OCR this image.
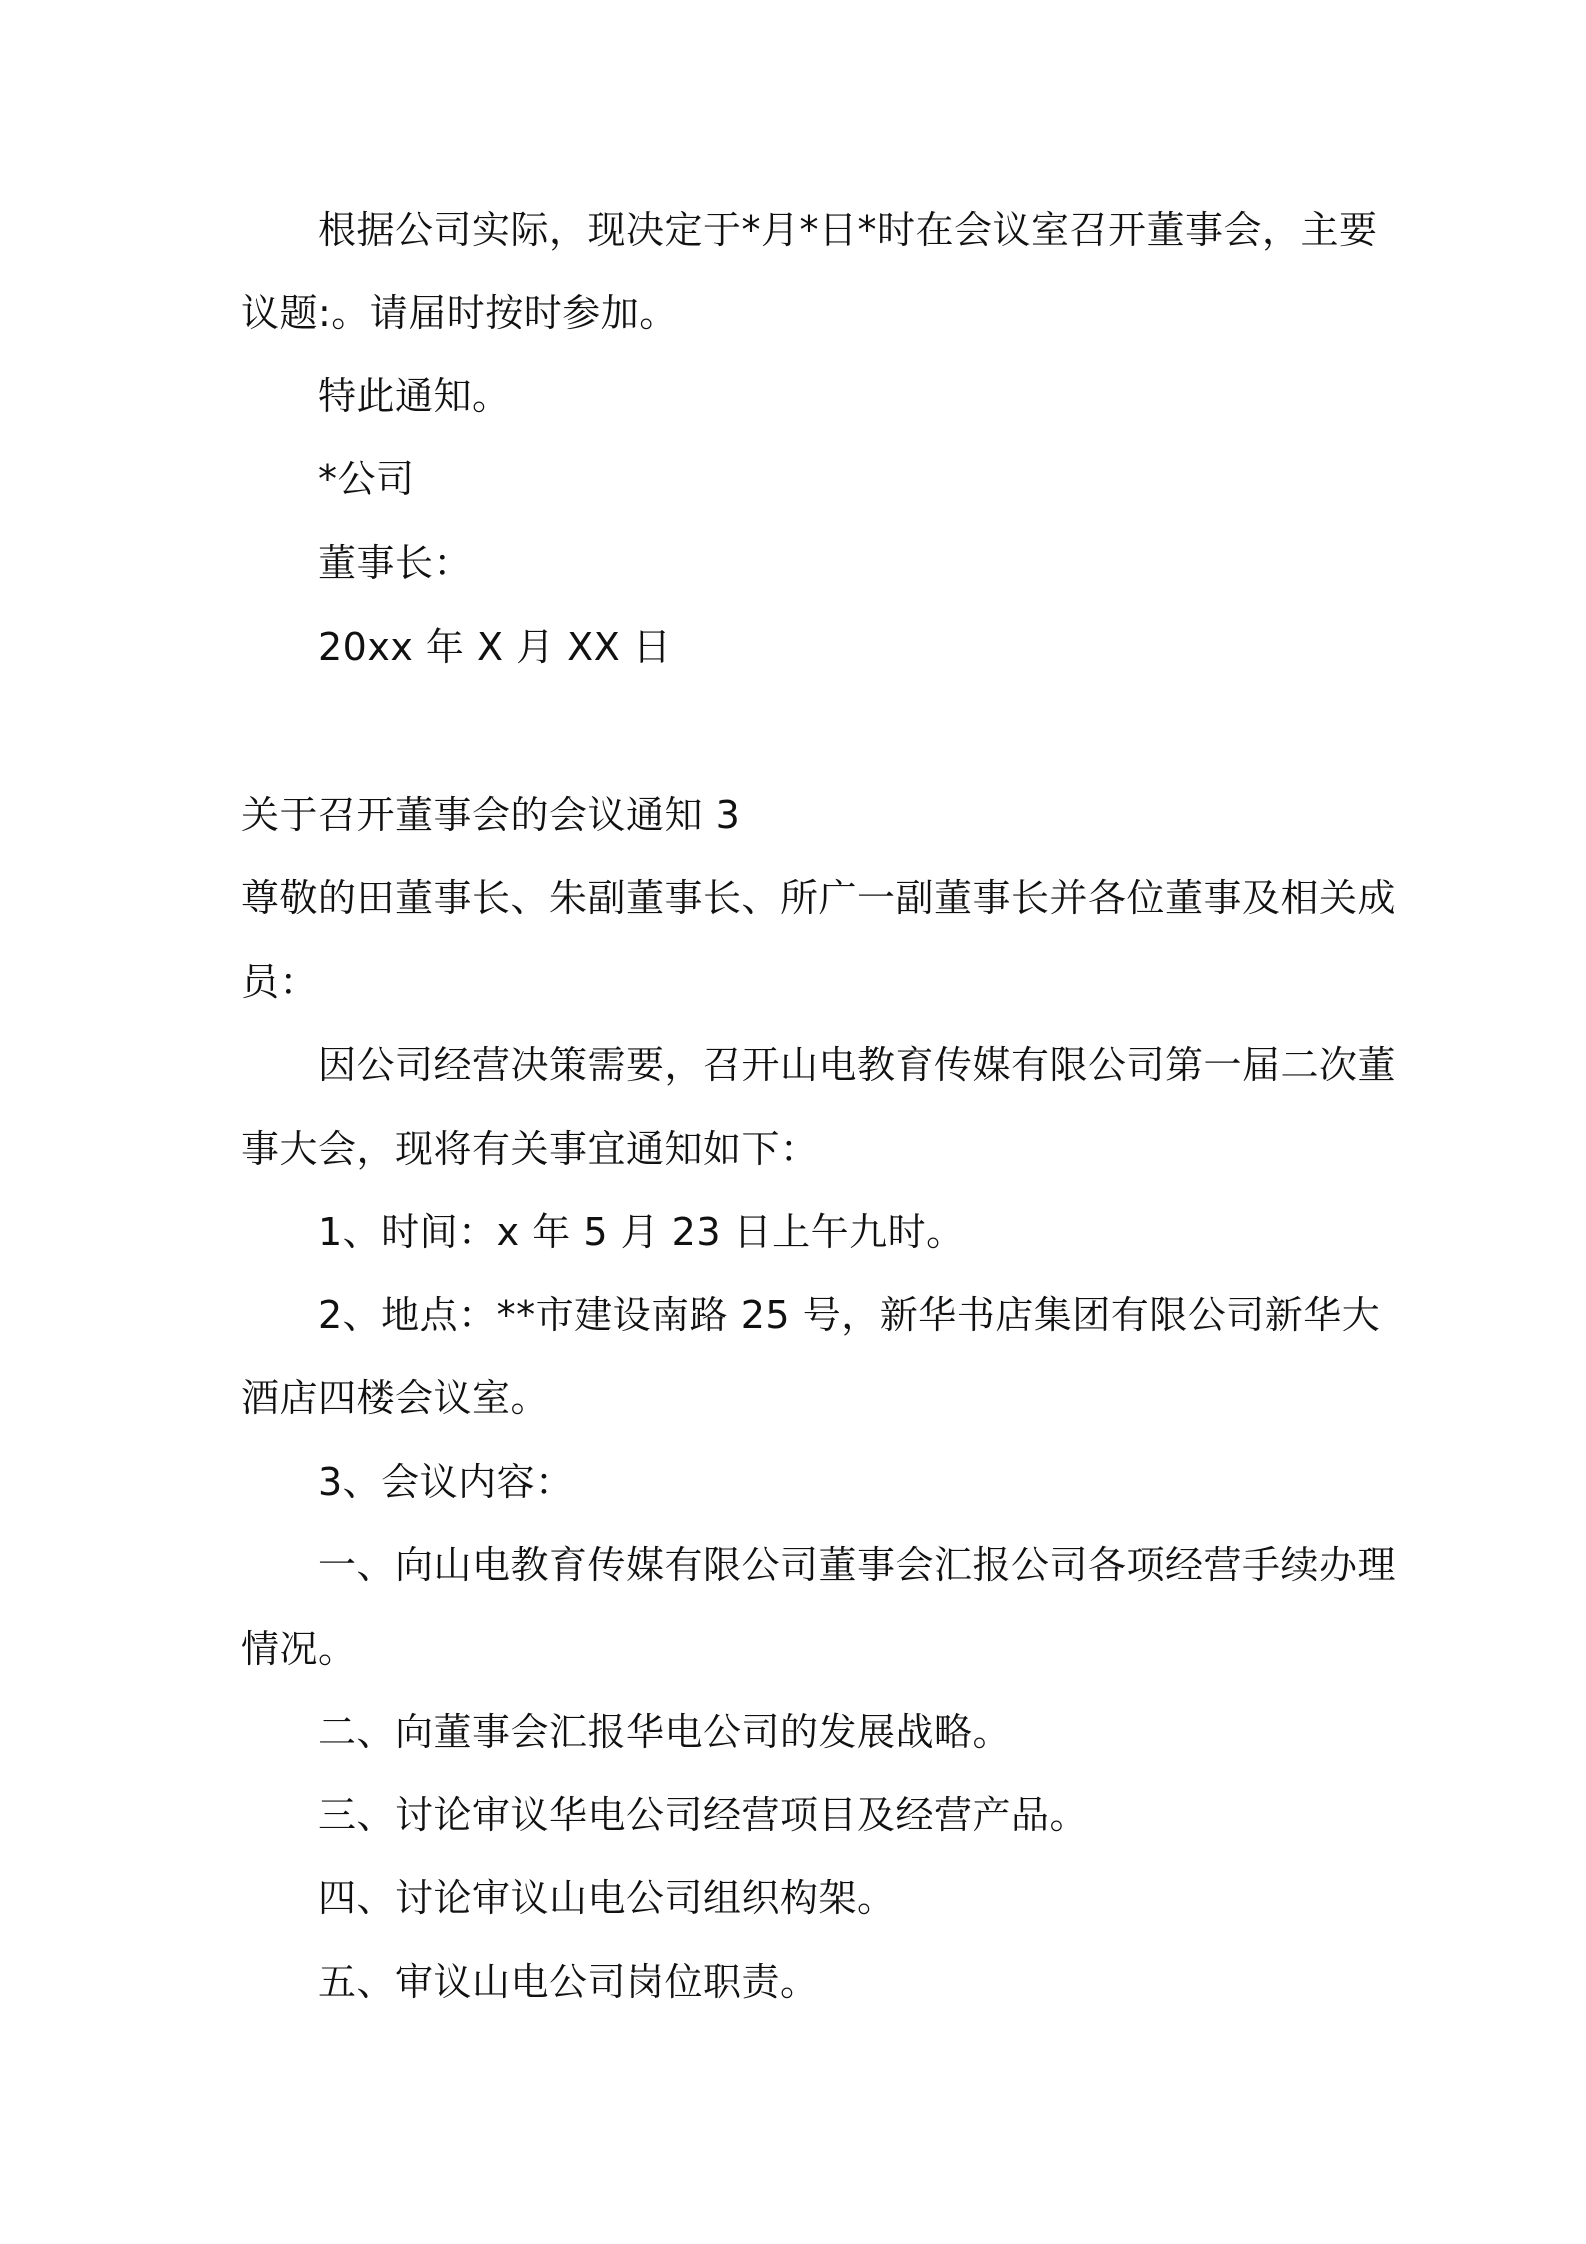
根据公司实际，现决定于*月*日*时在会议室召开董事会，主要

议题:。请届时按时参加。

特此通知。

*公司

董事长：

20xx 年 X 月 XX 日

关于召开董事会的会议通知 3

尊敬的田董事长、朱副董事长、所广一副董事长并各位董事及相关成

员：

因公司经营决策需要，召开山电教育传媒有限公司第一届二次董

事大会，现将有关事宜通知如下：

1、时间：x 年 5 月 23 日上午九时。

2、地点：**市建设南路 25 号，新华书店集团有限公司新华大

酒店四楼会议室。

3、会议内容：

一、向山电教育传媒有限公司董事会汇报公司各项经营手续办理

情况。

二、向董事会汇报华电公司的发展战略。

三、讨论审议华电公司经营项目及经营产品。

四、讨论审议山电公司组织构架。

五、审议山电公司岗位职责。
